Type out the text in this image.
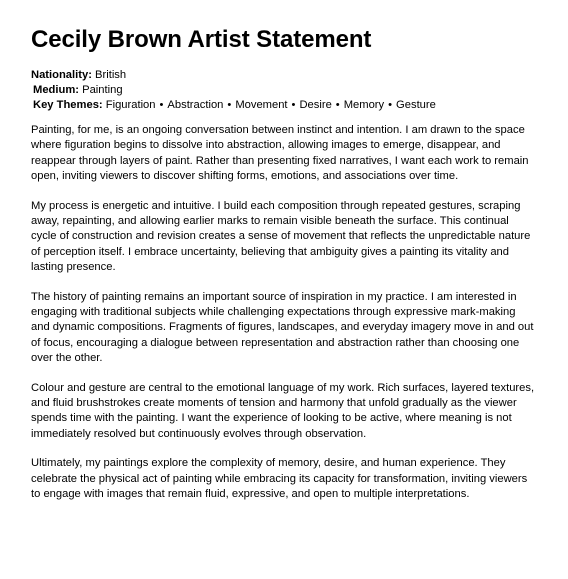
Cecily Brown Artist Statement
Nationality: British
Medium: Painting
Key Themes: Figuration • Abstraction • Movement • Desire • Memory • Gesture

Painting, for me, is an ongoing conversation between instinct and intention. I am drawn to the space where figuration begins to dissolve into abstraction, allowing images to emerge, disappear, and reappear through layers of paint. Rather than presenting fixed narratives, I want each work to remain open, inviting viewers to discover shifting forms, emotions, and associations over time.

My process is energetic and intuitive. I build each composition through repeated gestures, scraping away, repainting, and allowing earlier marks to remain visible beneath the surface. This continual cycle of construction and revision creates a sense of movement that reflects the unpredictable nature of perception itself. I embrace uncertainty, believing that ambiguity gives a painting its vitality and lasting presence.

The history of painting remains an important source of inspiration in my practice. I am interested in engaging with traditional subjects while challenging expectations through expressive mark-making and dynamic compositions. Fragments of figures, landscapes, and everyday imagery move in and out of focus, encouraging a dialogue between representation and abstraction rather than choosing one over the other.

Colour and gesture are central to the emotional language of my work. Rich surfaces, layered textures, and fluid brushstrokes create moments of tension and harmony that unfold gradually as the viewer spends time with the painting. I want the experience of looking to be active, where meaning is not immediately resolved but continuously evolves through observation.

Ultimately, my paintings explore the complexity of memory, desire, and human experience. They celebrate the physical act of painting while embracing its capacity for transformation, inviting viewers to engage with images that remain fluid, expressive, and open to multiple interpretations.
